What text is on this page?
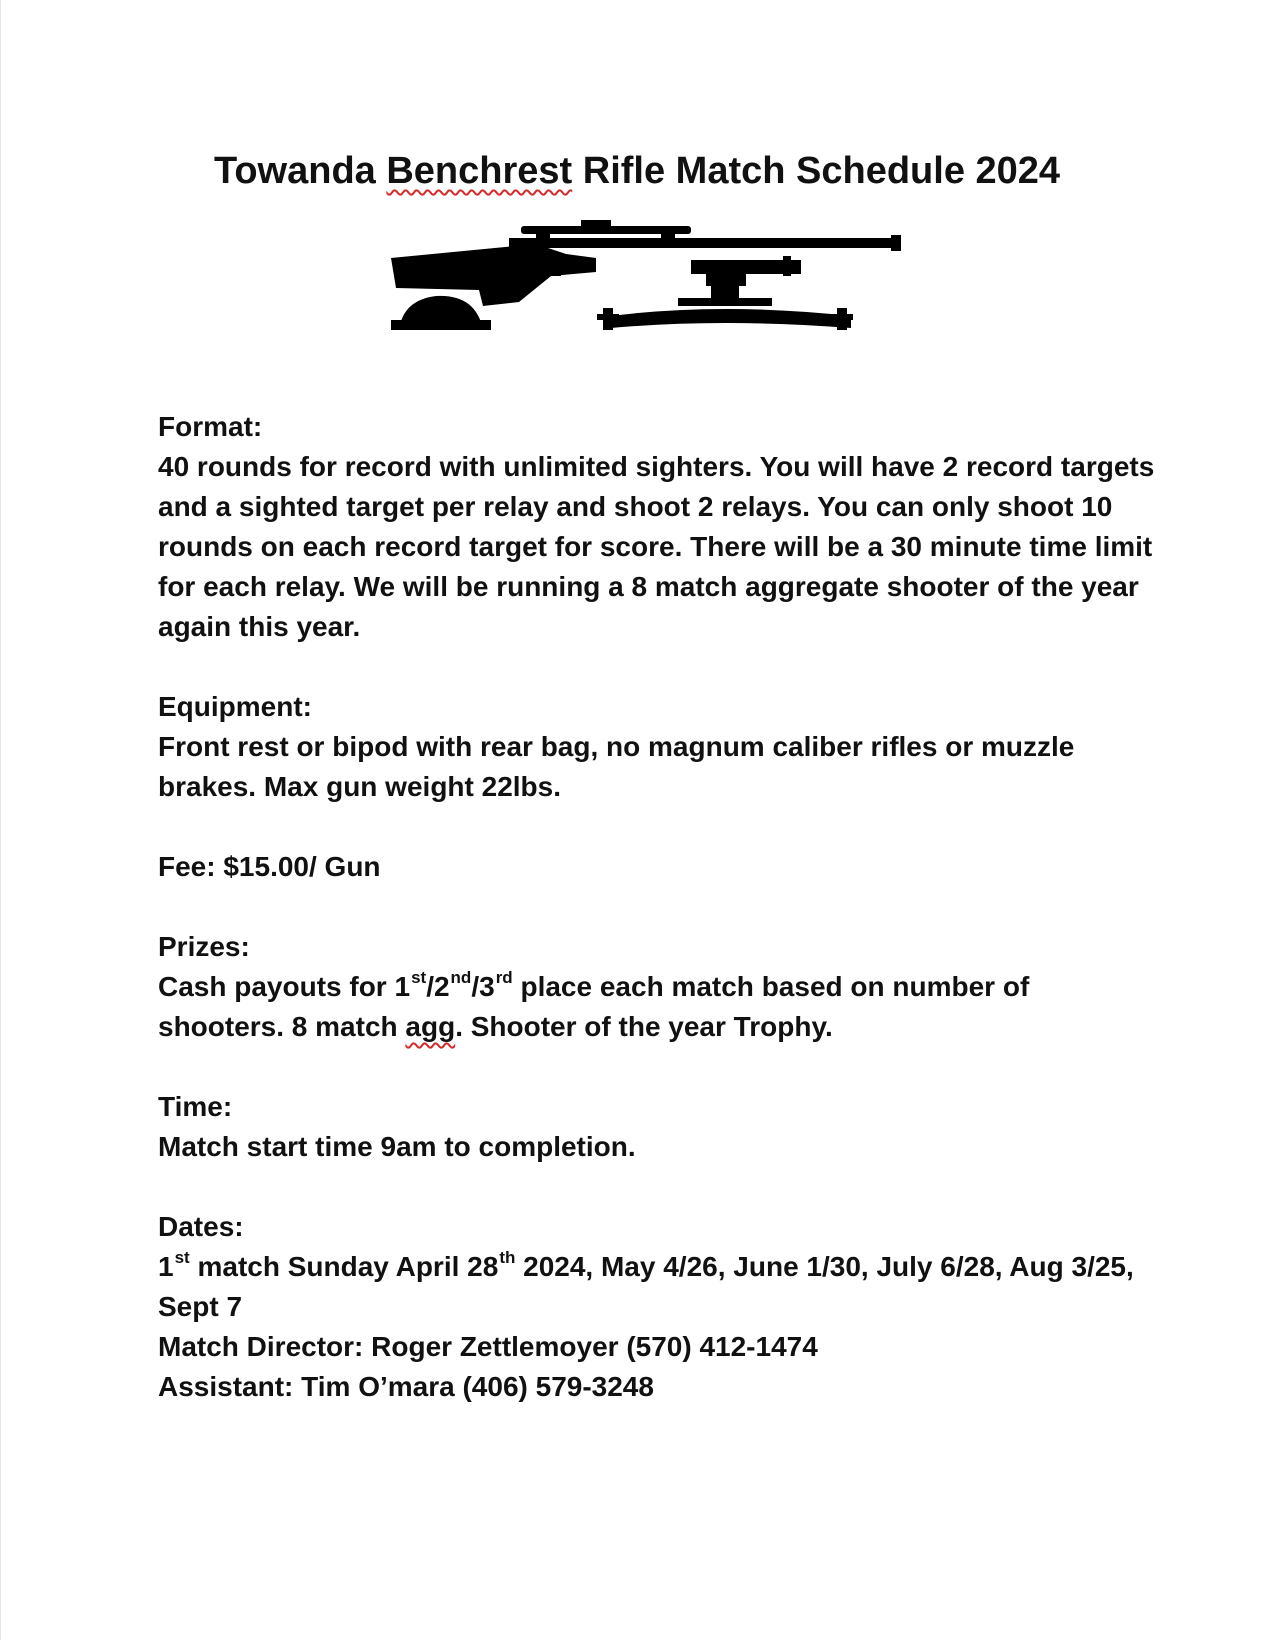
Towanda Benchrest Rifle Match Schedule 2024

Format:

40 rounds for record with unlimited sighters. You will have 2 record targets and a sighted target per relay and shoot 2 relays. You can only shoot 10 rounds on each record target for score. There will be a 30 minute time limit for each relay. We will be running a 8 match aggregate shooter of the year again this year.

Equipment:

Front rest or bipod with rear bag, no magnum caliber rifles or muzzle brakes. Max gun weight 22lbs.

Fee: $15.00/ Gun

Prizes:

Cash payouts for 1st/2nd/3rd place each match based on number of shooters. 8 match agg. Shooter of the year Trophy.

Time:

Match start time 9am to completion.

Dates:

1st match Sunday April 28th 2024, May 4/26, June 1/30, July 6/28, Aug 3/25, Sept 7

Match Director: Roger Zettlemoyer (570) 412-1474

Assistant: Tim O’mara (406) 579-3248
